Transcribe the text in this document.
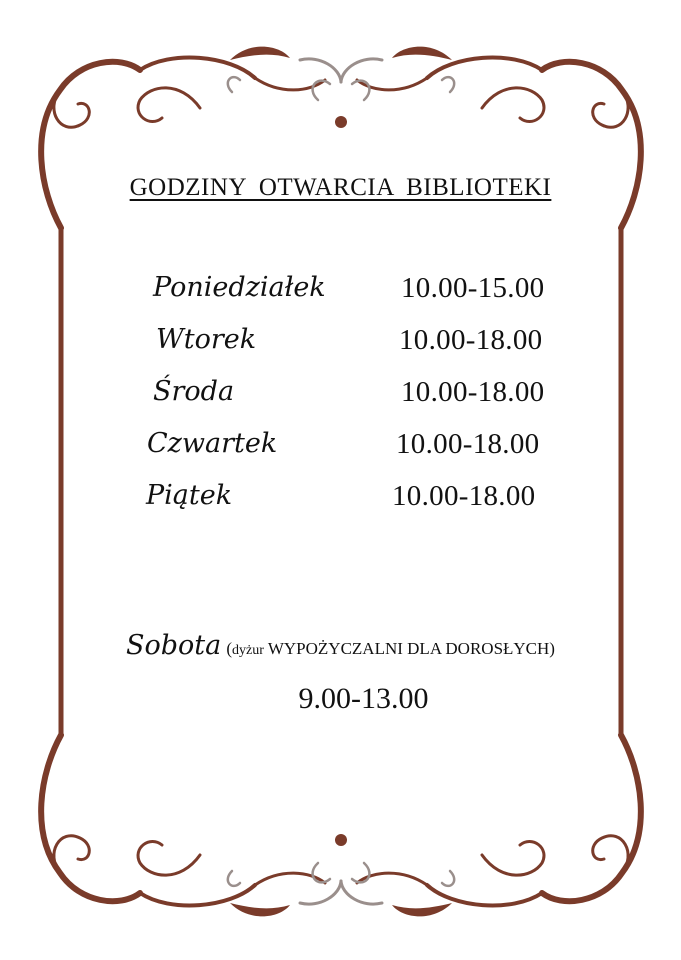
GODZINY OTWARCIA BIBLIOTEKI
Poniedziałek	10.00-15.00
Wtorek	10.00-18.00
Środa	10.00-18.00
Czwartek	10.00-18.00
Piątek	10.00-18.00
Sobota (dyżur WYPOŻYCZALNI DLA DOROSŁYCH)
9.00-13.00
